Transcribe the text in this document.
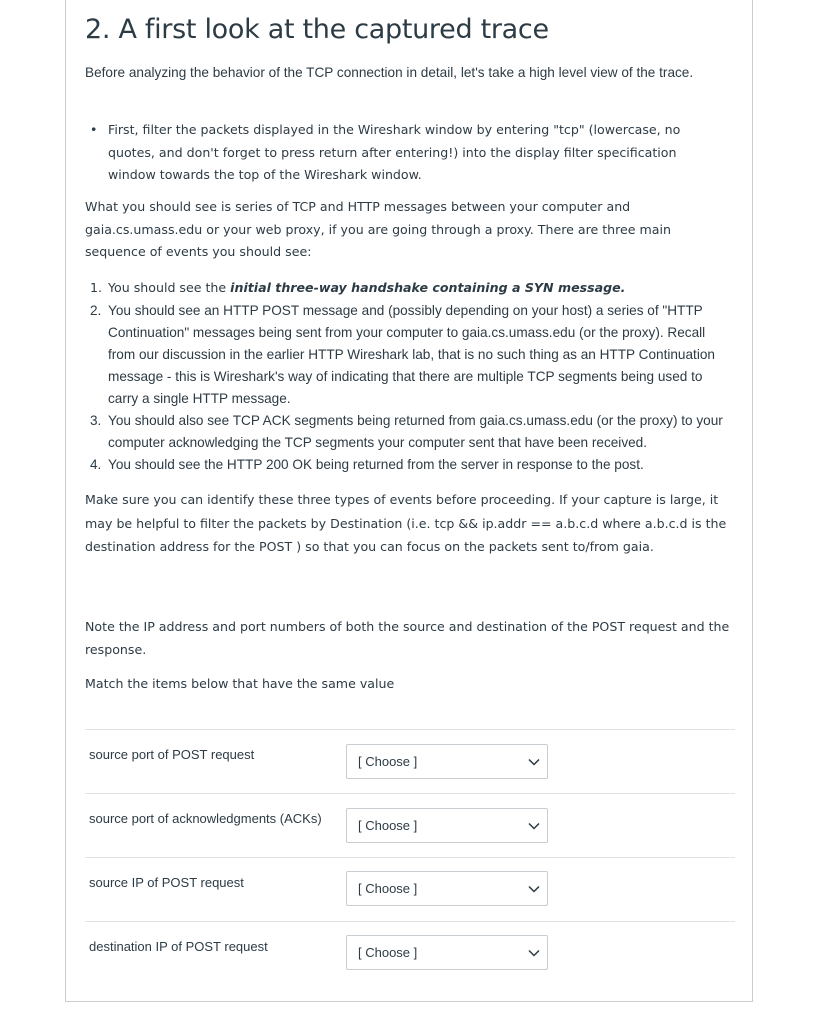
2. A first look at the captured trace

Before analyzing the behavior of the TCP connection in detail, let's take a high level view of the trace.

• First, filter the packets displayed in the Wireshark window by entering "tcp" (lowercase, no quotes, and don't forget to press return after entering!) into the display filter specification window towards the top of the Wireshark window.

What you should see is series of TCP and HTTP messages between your computer and gaia.cs.umass.edu or your web proxy, if you are going through a proxy. There are three main sequence of events you should see:

1. You should see the initial three-way handshake containing a SYN message.
2. You should see an HTTP POST message and (possibly depending on your host) a series of "HTTP Continuation" messages being sent from your computer to gaia.cs.umass.edu (or the proxy). Recall from our discussion in the earlier HTTP Wireshark lab, that is no such thing as an HTTP Continuation message - this is Wireshark's way of indicating that there are multiple TCP segments being used to carry a single HTTP message.
3. You should also see TCP ACK segments being returned from gaia.cs.umass.edu (or the proxy) to your computer acknowledging the TCP segments your computer sent that have been received.
4. You should see the HTTP 200 OK being returned from the server in response to the post.

Make sure you can identify these three types of events before proceeding. If your capture is large, it may be helpful to filter the packets by Destination (i.e. tcp && ip.addr == a.b.c.d where a.b.c.d is the destination address for the POST ) so that you can focus on the packets sent to/from gaia.

Note the IP address and port numbers of both the source and destination of the POST request and the response.

Match the items below that have the same value

source port of POST request	[ Choose ]
source port of acknowledgments (ACKs)	[ Choose ]
source IP of POST request	[ Choose ]
destination IP of POST request	[ Choose ]
